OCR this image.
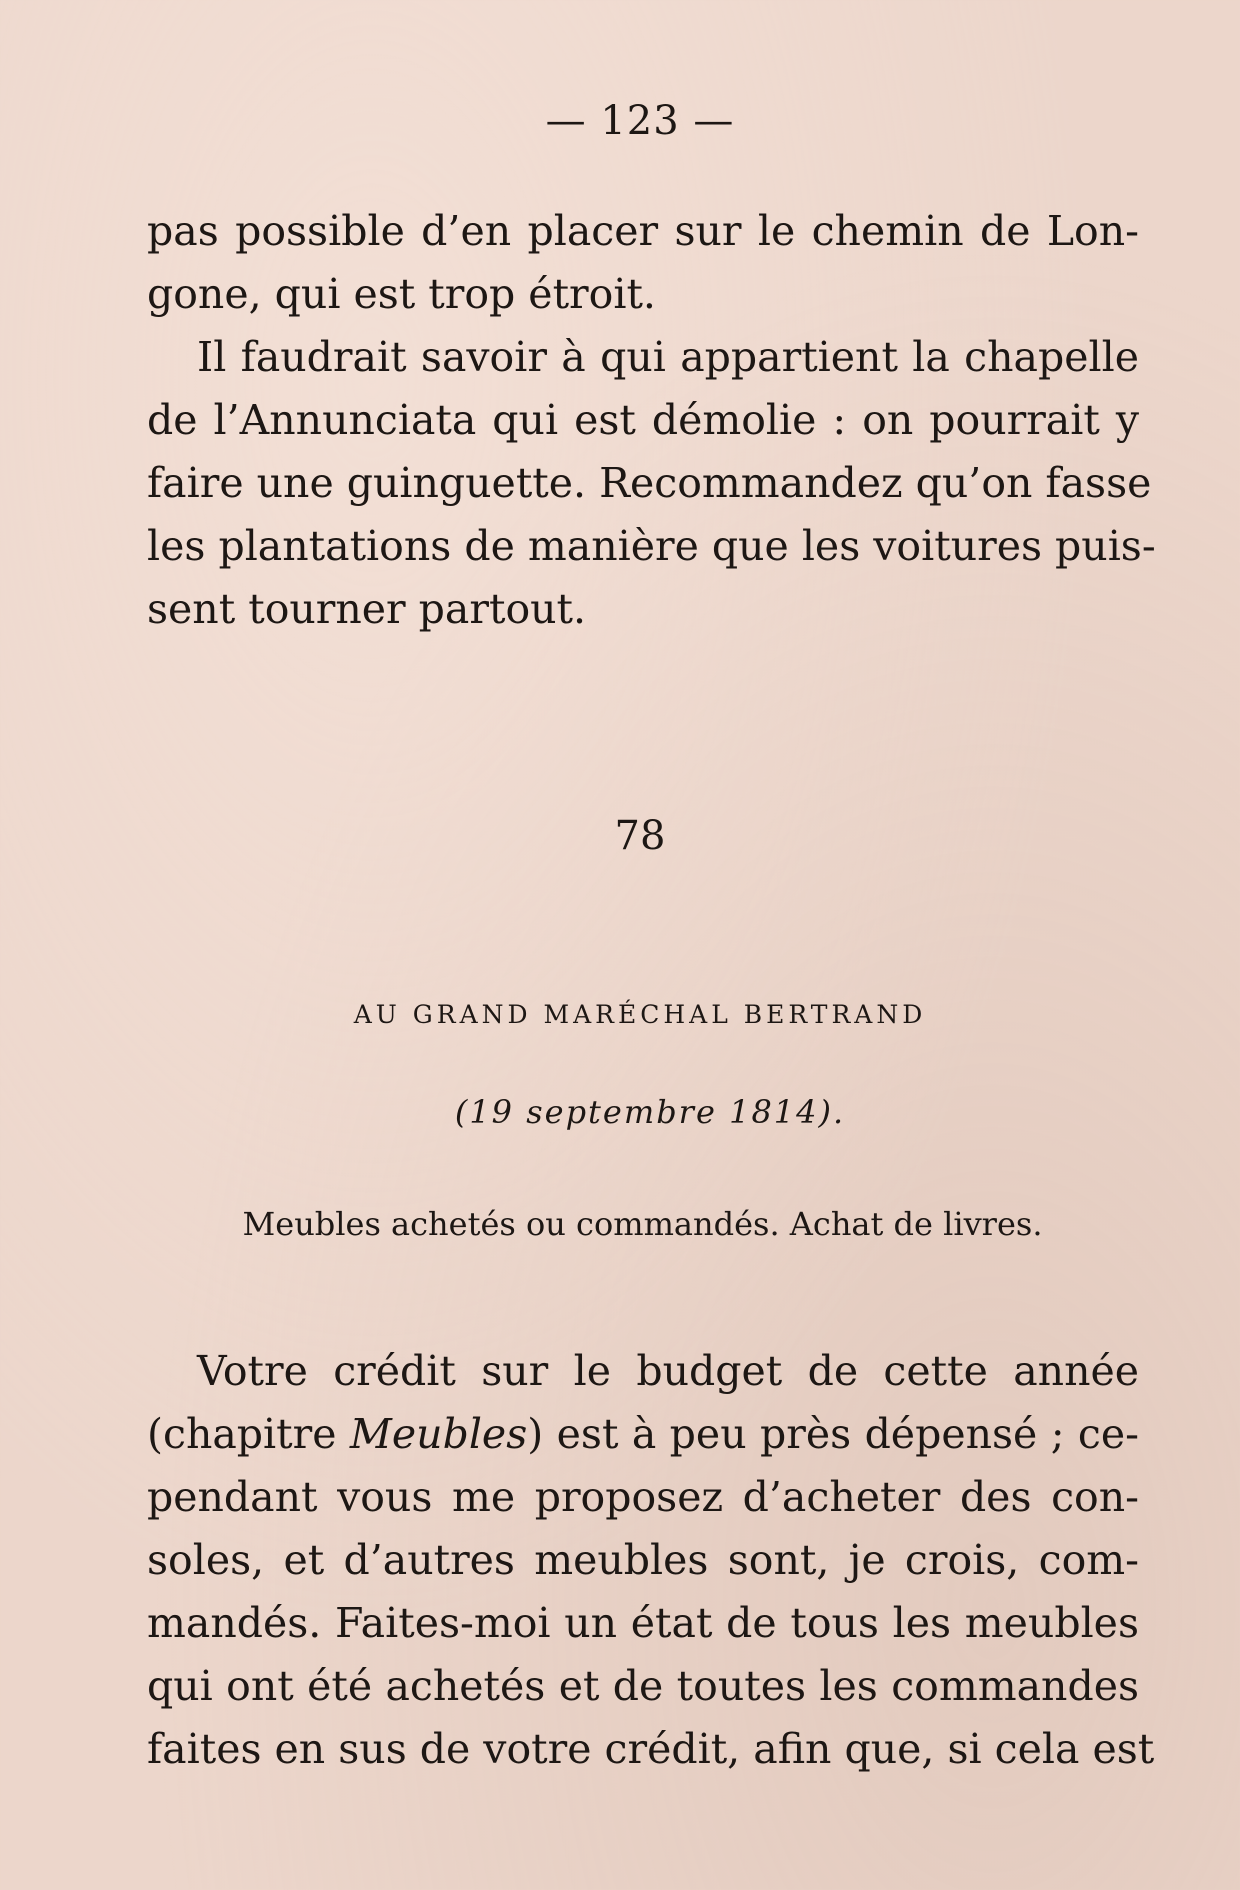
— 123 —
pas possible d’en placer sur le chemin de Lon-
gone, qui est trop étroit.
Il faudrait savoir à qui appartient la chapelle
de l’Annunciata qui est démolie : on pourrait y
faire une guinguette. Recommandez qu’on fasse
les plantations de manière que les voitures puis-
sent tourner partout.
78
AU GRAND MARÉCHAL BERTRAND
(19 septembre 1814).
Meubles achetés ou commandés. Achat de livres.
Votre crédit sur le budget de cette année
(chapitre Meubles) est à peu près dépensé ; ce-
pendant vous me proposez d’acheter des con-
soles, et d’autres meubles sont, je crois, com-
mandés. Faites-moi un état de tous les meubles
qui ont été achetés et de toutes les commandes
faites en sus de votre crédit, afin que, si cela est
